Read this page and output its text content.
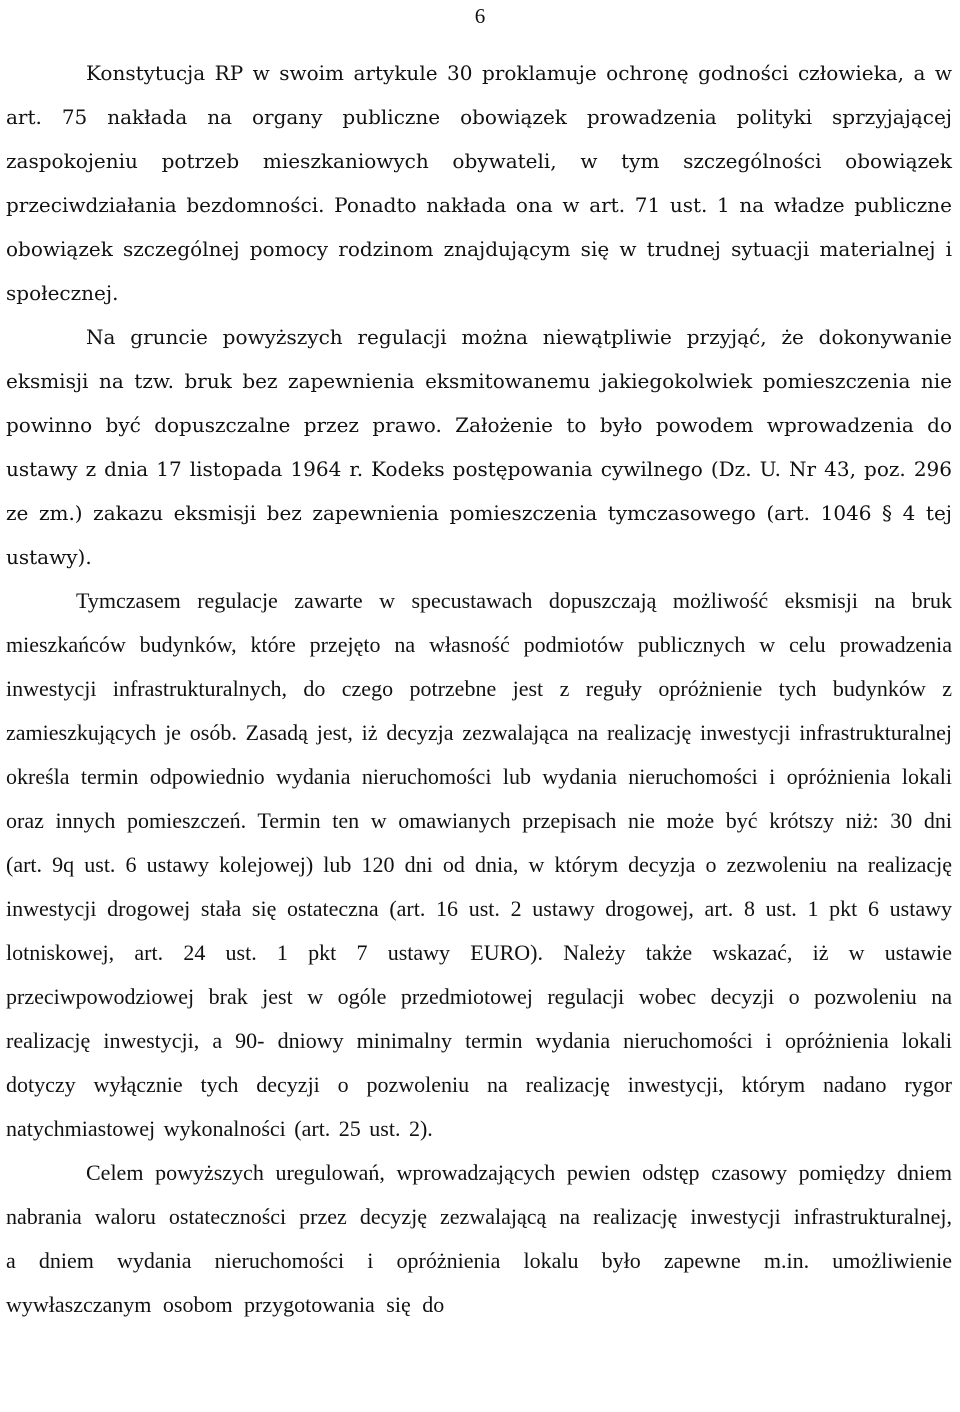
6

Konstytucja RP w swoim artykule 30 proklamuje ochronę godności człowieka, a w art. 75 nakłada na organy publiczne obowiązek prowadzenia polityki sprzyjającej zaspokojeniu potrzeb mieszkaniowych obywateli, w tym szczególności obowiązek przeciwdziałania bezdomności. Ponadto nakłada ona w art. 71 ust. 1 na władze publiczne obowiązek szczególnej pomocy rodzinom znajdującym się w trudnej sytuacji materialnej i społecznej.

Na gruncie powyższych regulacji można niewątpliwie przyjąć, że dokonywanie eksmisji na tzw. bruk bez zapewnienia eksmitowanemu jakiegokolwiek pomieszczenia nie powinno być dopuszczalne przez prawo. Założenie to było powodem wprowadzenia do ustawy z dnia 17 listopada 1964 r. Kodeks postępowania cywilnego (Dz. U. Nr 43, poz. 296 ze zm.) zakazu eksmisji bez zapewnienia pomieszczenia tymczasowego (art. 1046 § 4 tej ustawy).

Tymczasem regulacje zawarte w specustawach dopuszczają możliwość eksmisji na bruk mieszkańców budynków, które przejęto na własność podmiotów publicznych w celu prowadzenia inwestycji infrastrukturalnych, do czego potrzebne jest z reguły opróżnienie tych budynków z zamieszkujących je osób. Zasadą jest, iż decyzja zezwalająca na realizację inwestycji infrastrukturalnej określa termin odpowiednio wydania nieruchomości lub wydania nieruchomości i opróżnienia lokali oraz innych pomieszczeń. Termin ten w omawianych przepisach nie może być krótszy niż: 30 dni (art. 9q ust. 6 ustawy kolejowej) lub 120 dni od dnia, w którym decyzja o zezwoleniu na realizację inwestycji drogowej stała się ostateczna (art. 16 ust. 2 ustawy drogowej, art. 8 ust. 1 pkt 6 ustawy lotniskowej, art. 24 ust. 1 pkt 7 ustawy EURO). Należy także wskazać, iż w ustawie przeciwpowodziowej brak jest w ogóle przedmiotowej regulacji wobec decyzji o pozwoleniu na realizację inwestycji, a 90- dniowy minimalny termin wydania nieruchomości i opróżnienia lokali dotyczy wyłącznie tych decyzji o pozwoleniu na realizację inwestycji, którym nadano rygor natychmiastowej wykonalności (art. 25 ust. 2).

Celem powyższych uregulowań, wprowadzających pewien odstęp czasowy pomiędzy dniem nabrania waloru ostateczności przez decyzję zezwalającą na realizację inwestycji infrastrukturalnej, a dniem wydania nieruchomości i opróżnienia lokalu było zapewne m.in. umożliwienie wywłaszczanym osobom przygotowania się do
